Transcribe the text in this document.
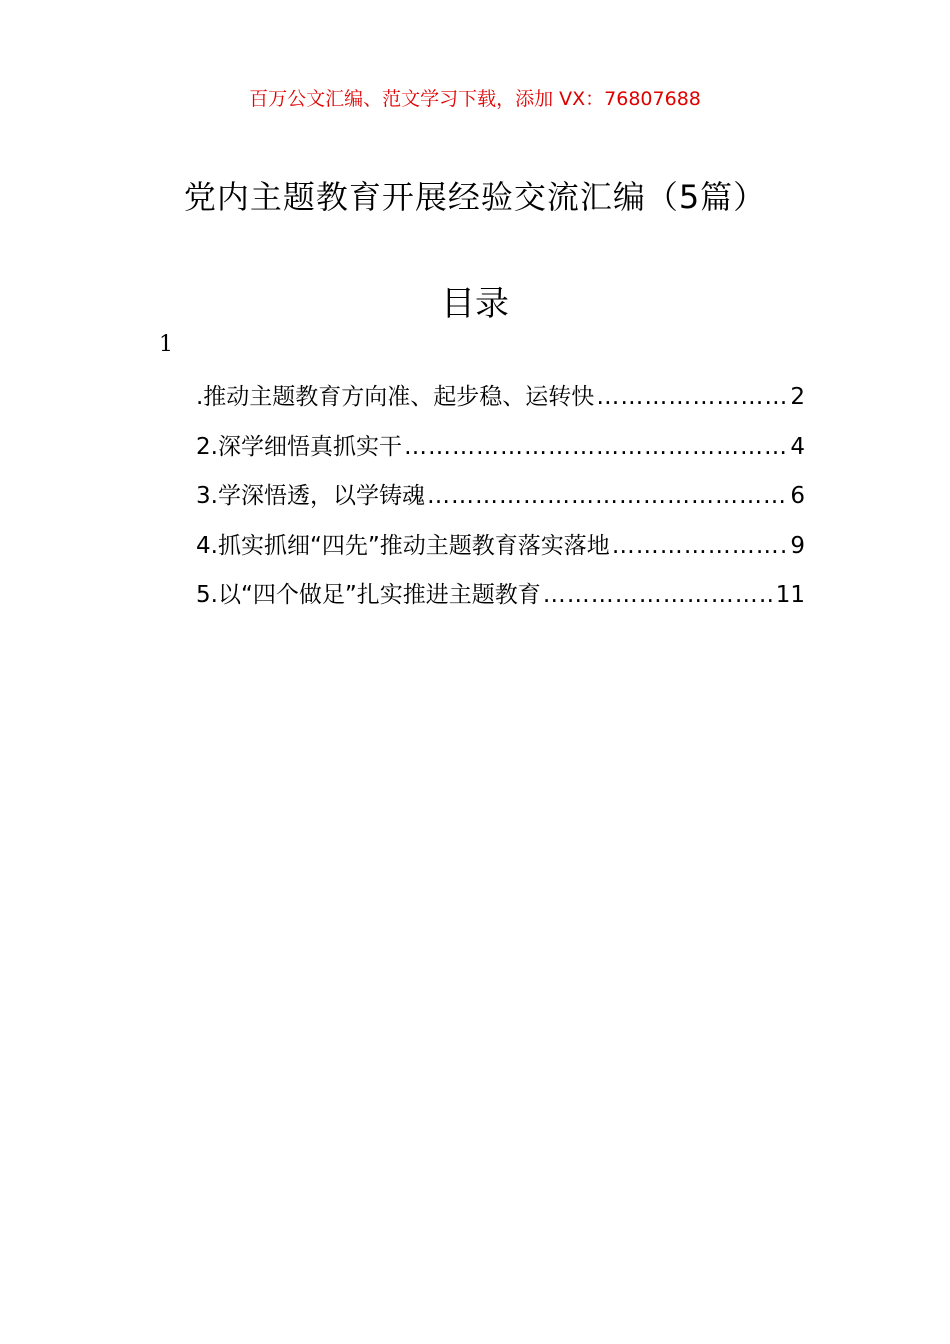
百万公文汇编、范文学习下载，添加 VX：76807688
党内主题教育开展经验交流汇编（5篇）
目录
1
.推动主题教育方向准、起步稳、运转快 …………………………………………………………………………………………………………………………	2
2.深学细悟真抓实干 …………………………………………………………………………………………………………………………	4
3.学深悟透，以学铸魂 …………………………………………………………………………………………………………………………	6
4.抓实抓细“四先”推动主题教育落实落地 …………………………………………………………………………………………………………………………	9
5.以“四个做足”扎实推进主题教育 …………………………………………………………………………………………………………………………	11
